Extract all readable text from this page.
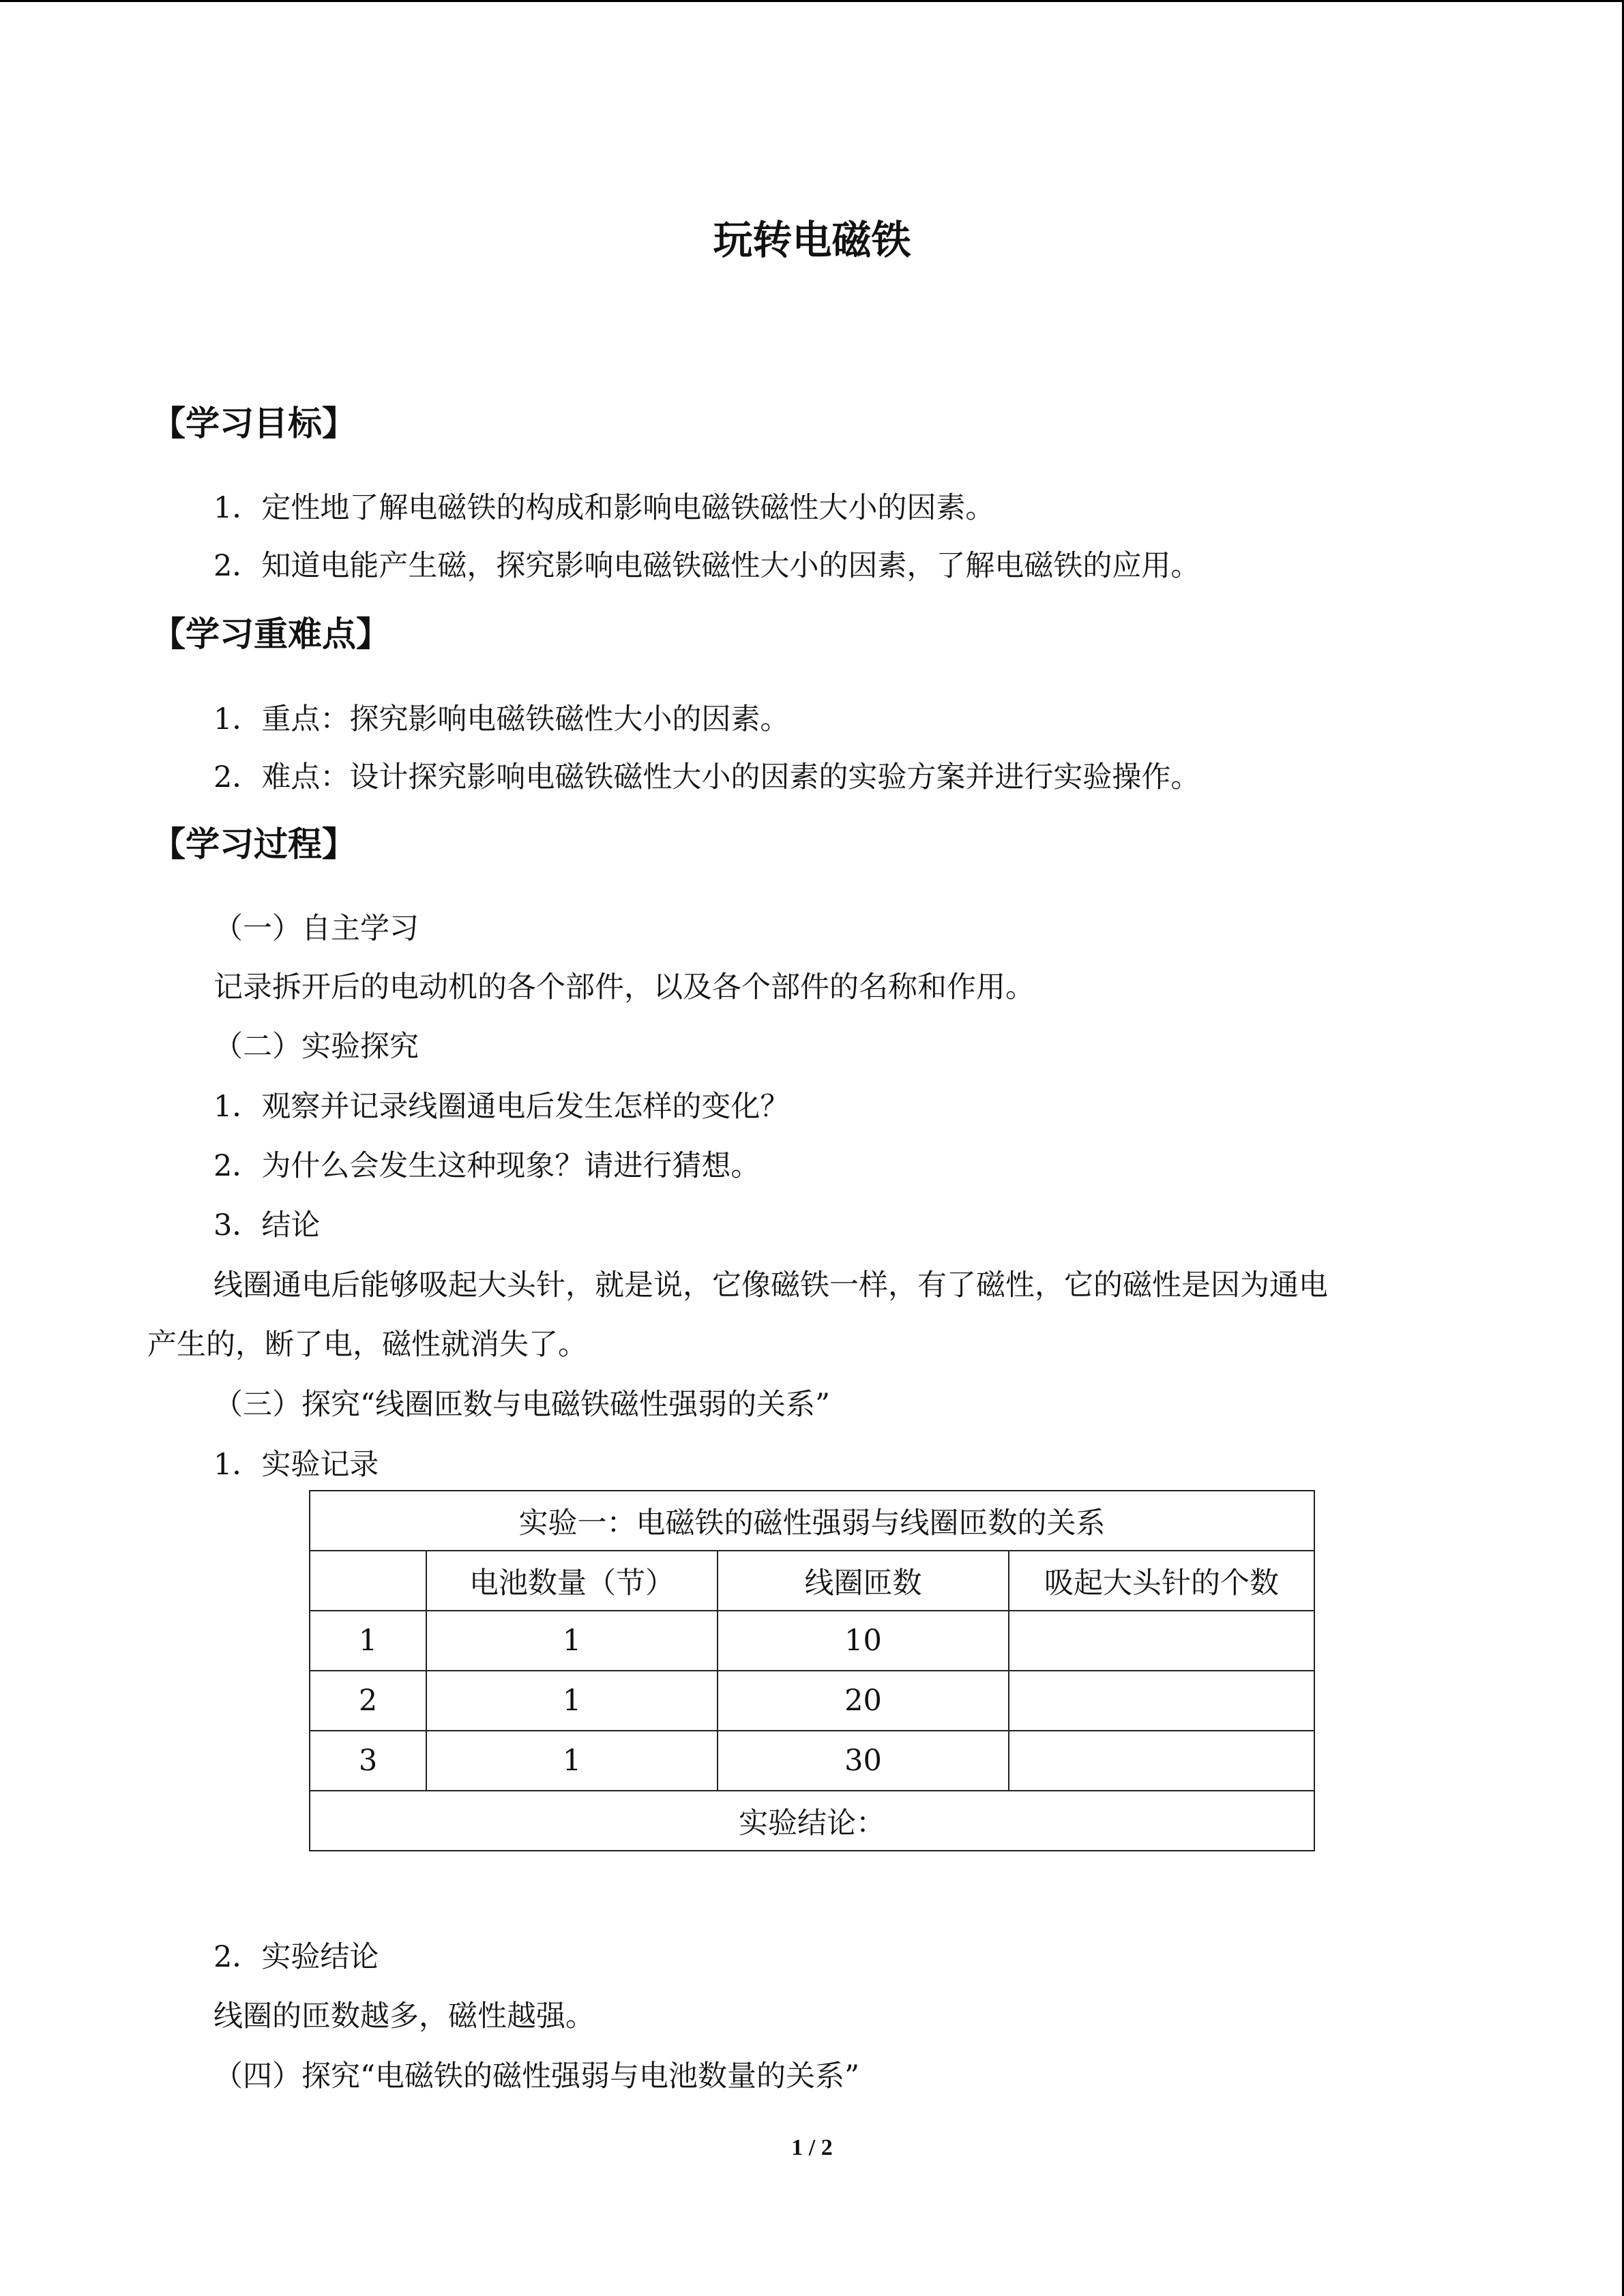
玩转电磁铁
【学习目标】
1．定性地了解电磁铁的构成和影响电磁铁磁性大小的因素。
2．知道电能产生磁，探究影响电磁铁磁性大小的因素，了解电磁铁的应用。
【学习重难点】
1．重点：探究影响电磁铁磁性大小的因素。
2．难点：设计探究影响电磁铁磁性大小的因素的实验方案并进行实验操作。
【学习过程】
（一）自主学习
记录拆开后的电动机的各个部件，以及各个部件的名称和作用。
（二）实验探究
1．观察并记录线圈通电后发生怎样的变化？
2．为什么会发生这种现象？请进行猜想。
3．结论
线圈通电后能够吸起大头针，就是说，它像磁铁一样，有了磁性，它的磁性是因为通电
产生的，断了电，磁性就消失了。
（三）探究“线圈匝数与电磁铁磁性强弱的关系”
1．实验记录
实验一：电磁铁的磁性强弱与线圈匝数的关系			
	电池数量（节）	线圈匝数	吸起大头针的个数
1	1	10	
2	1	20	
3	1	30	
实验结论：			
2．实验结论
线圈的匝数越多，磁性越强。
（四）探究“电磁铁的磁性强弱与电池数量的关系”
1 / 2
